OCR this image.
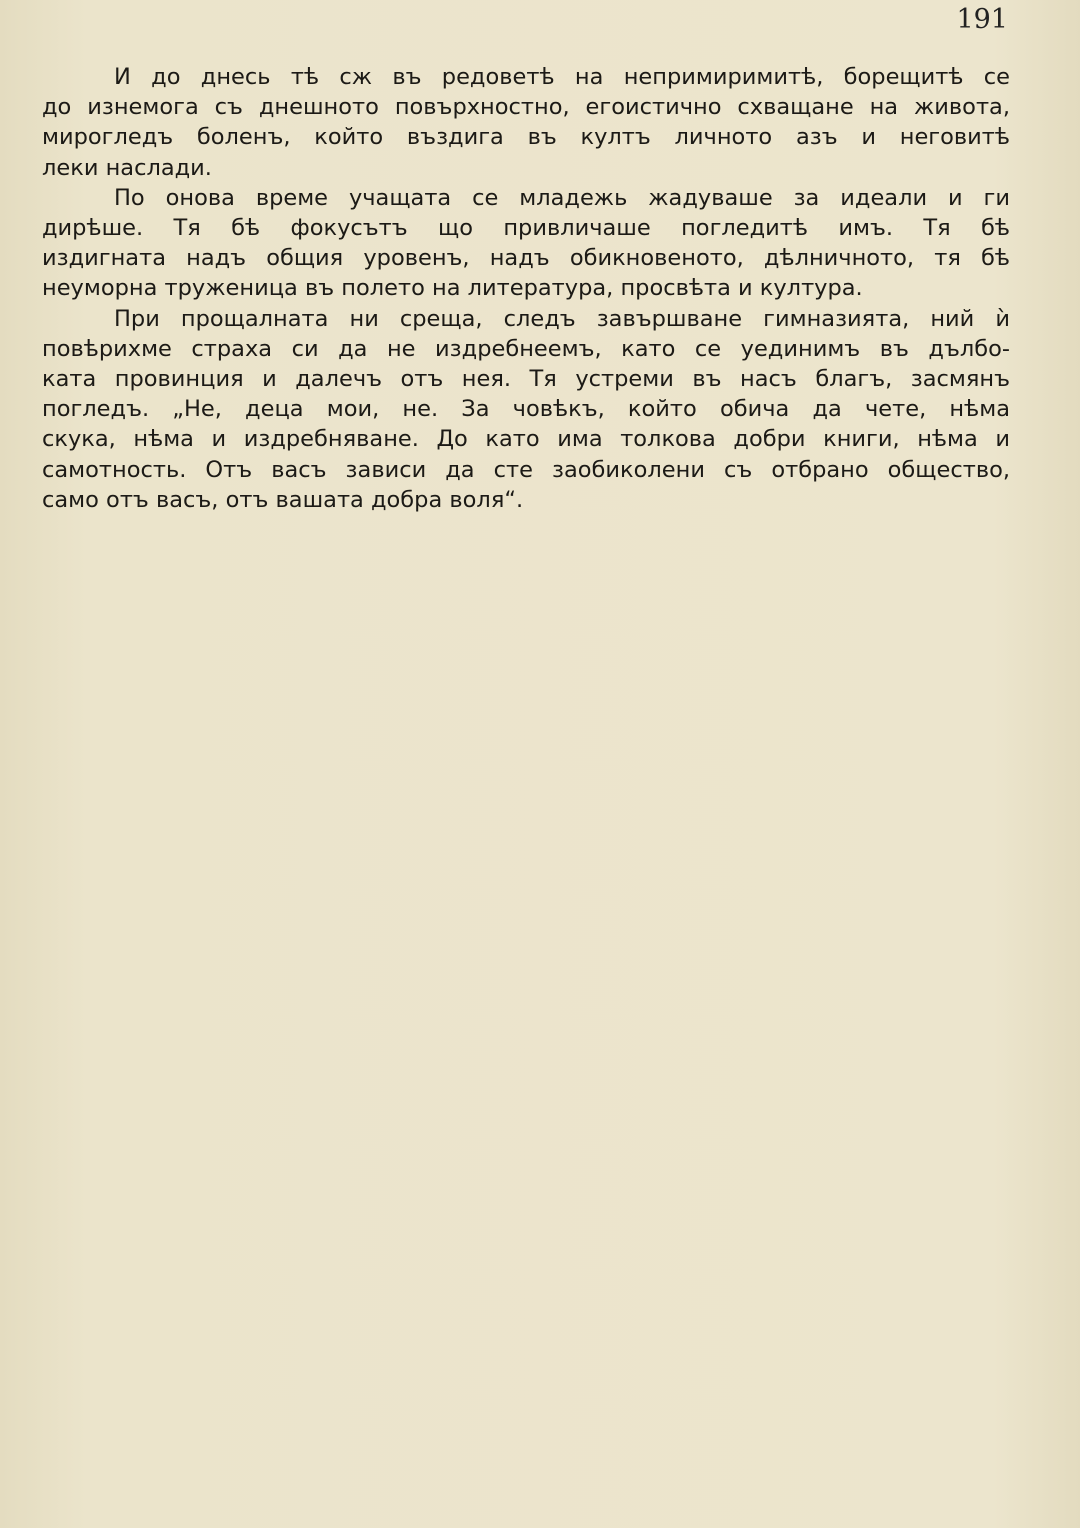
191

И до днесь тѣ сж въ редоветѣ на непримиримитѣ, борещитѣ се
до изнемога съ днешното повърхностно, егоистично схващане на живота,
мирогледъ боленъ, който въздига въ култъ личното азъ и неговитѣ
леки наслади.

По онова време учащата се младежь жадуваше за идеали и ги
дирѣше. Тя бѣ фокусътъ що привличаше погледитѣ имъ. Тя бѣ
издигната надъ общия уровенъ, надъ обикновеното, дѣлничното, тя бѣ
неуморна труженица въ полето на литература, просвѣта и култура.

При прощалната ни среща, следъ завършване гимназията, ний ѝ
повѣрихме страха си да не издребнеемъ, като се уединимъ въ дълбо-
ката провинция и далечъ отъ нея. Тя устреми въ насъ благъ, засмянъ
погледъ. „Не, деца мои, не. За човѣкъ, който обича да чете, нѣма
скука, нѣма и издребняване. До като има толкова добри книги, нѣма и
самотность. Отъ васъ зависи да сте заобиколени съ отбрано общество,
само отъ васъ, отъ вашата добра воля“.
